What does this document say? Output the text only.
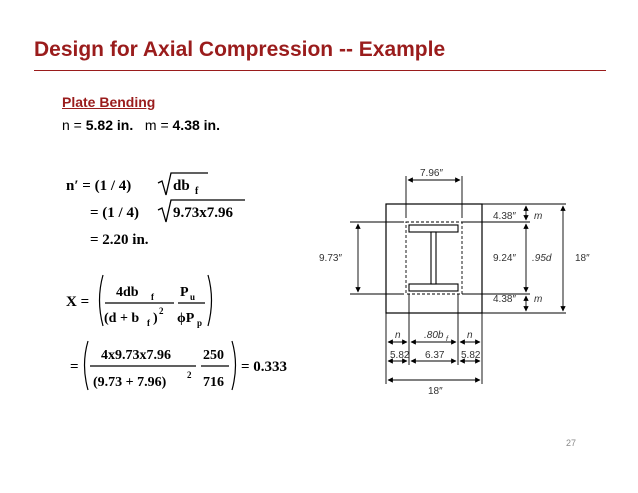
Design for Axial Compression -- Example
Plate Bending
n = 5.82 in. m = 4.38 in.
n′ = (1 / 4)	db f
= (1 / 4) 9.73x7.96
= 2.20 in.
X =
4db f
(d + b f ) 2
P u
ϕP p
=
4x9.73x7.96
(9.73 + 7.96) 2
250
716
= 0.333
7.96″
9.73″
4.38″ m
9.24″ .95d 18″
4.38″ m
n .80b f n
5.82 6.37 5.82
18″
27
